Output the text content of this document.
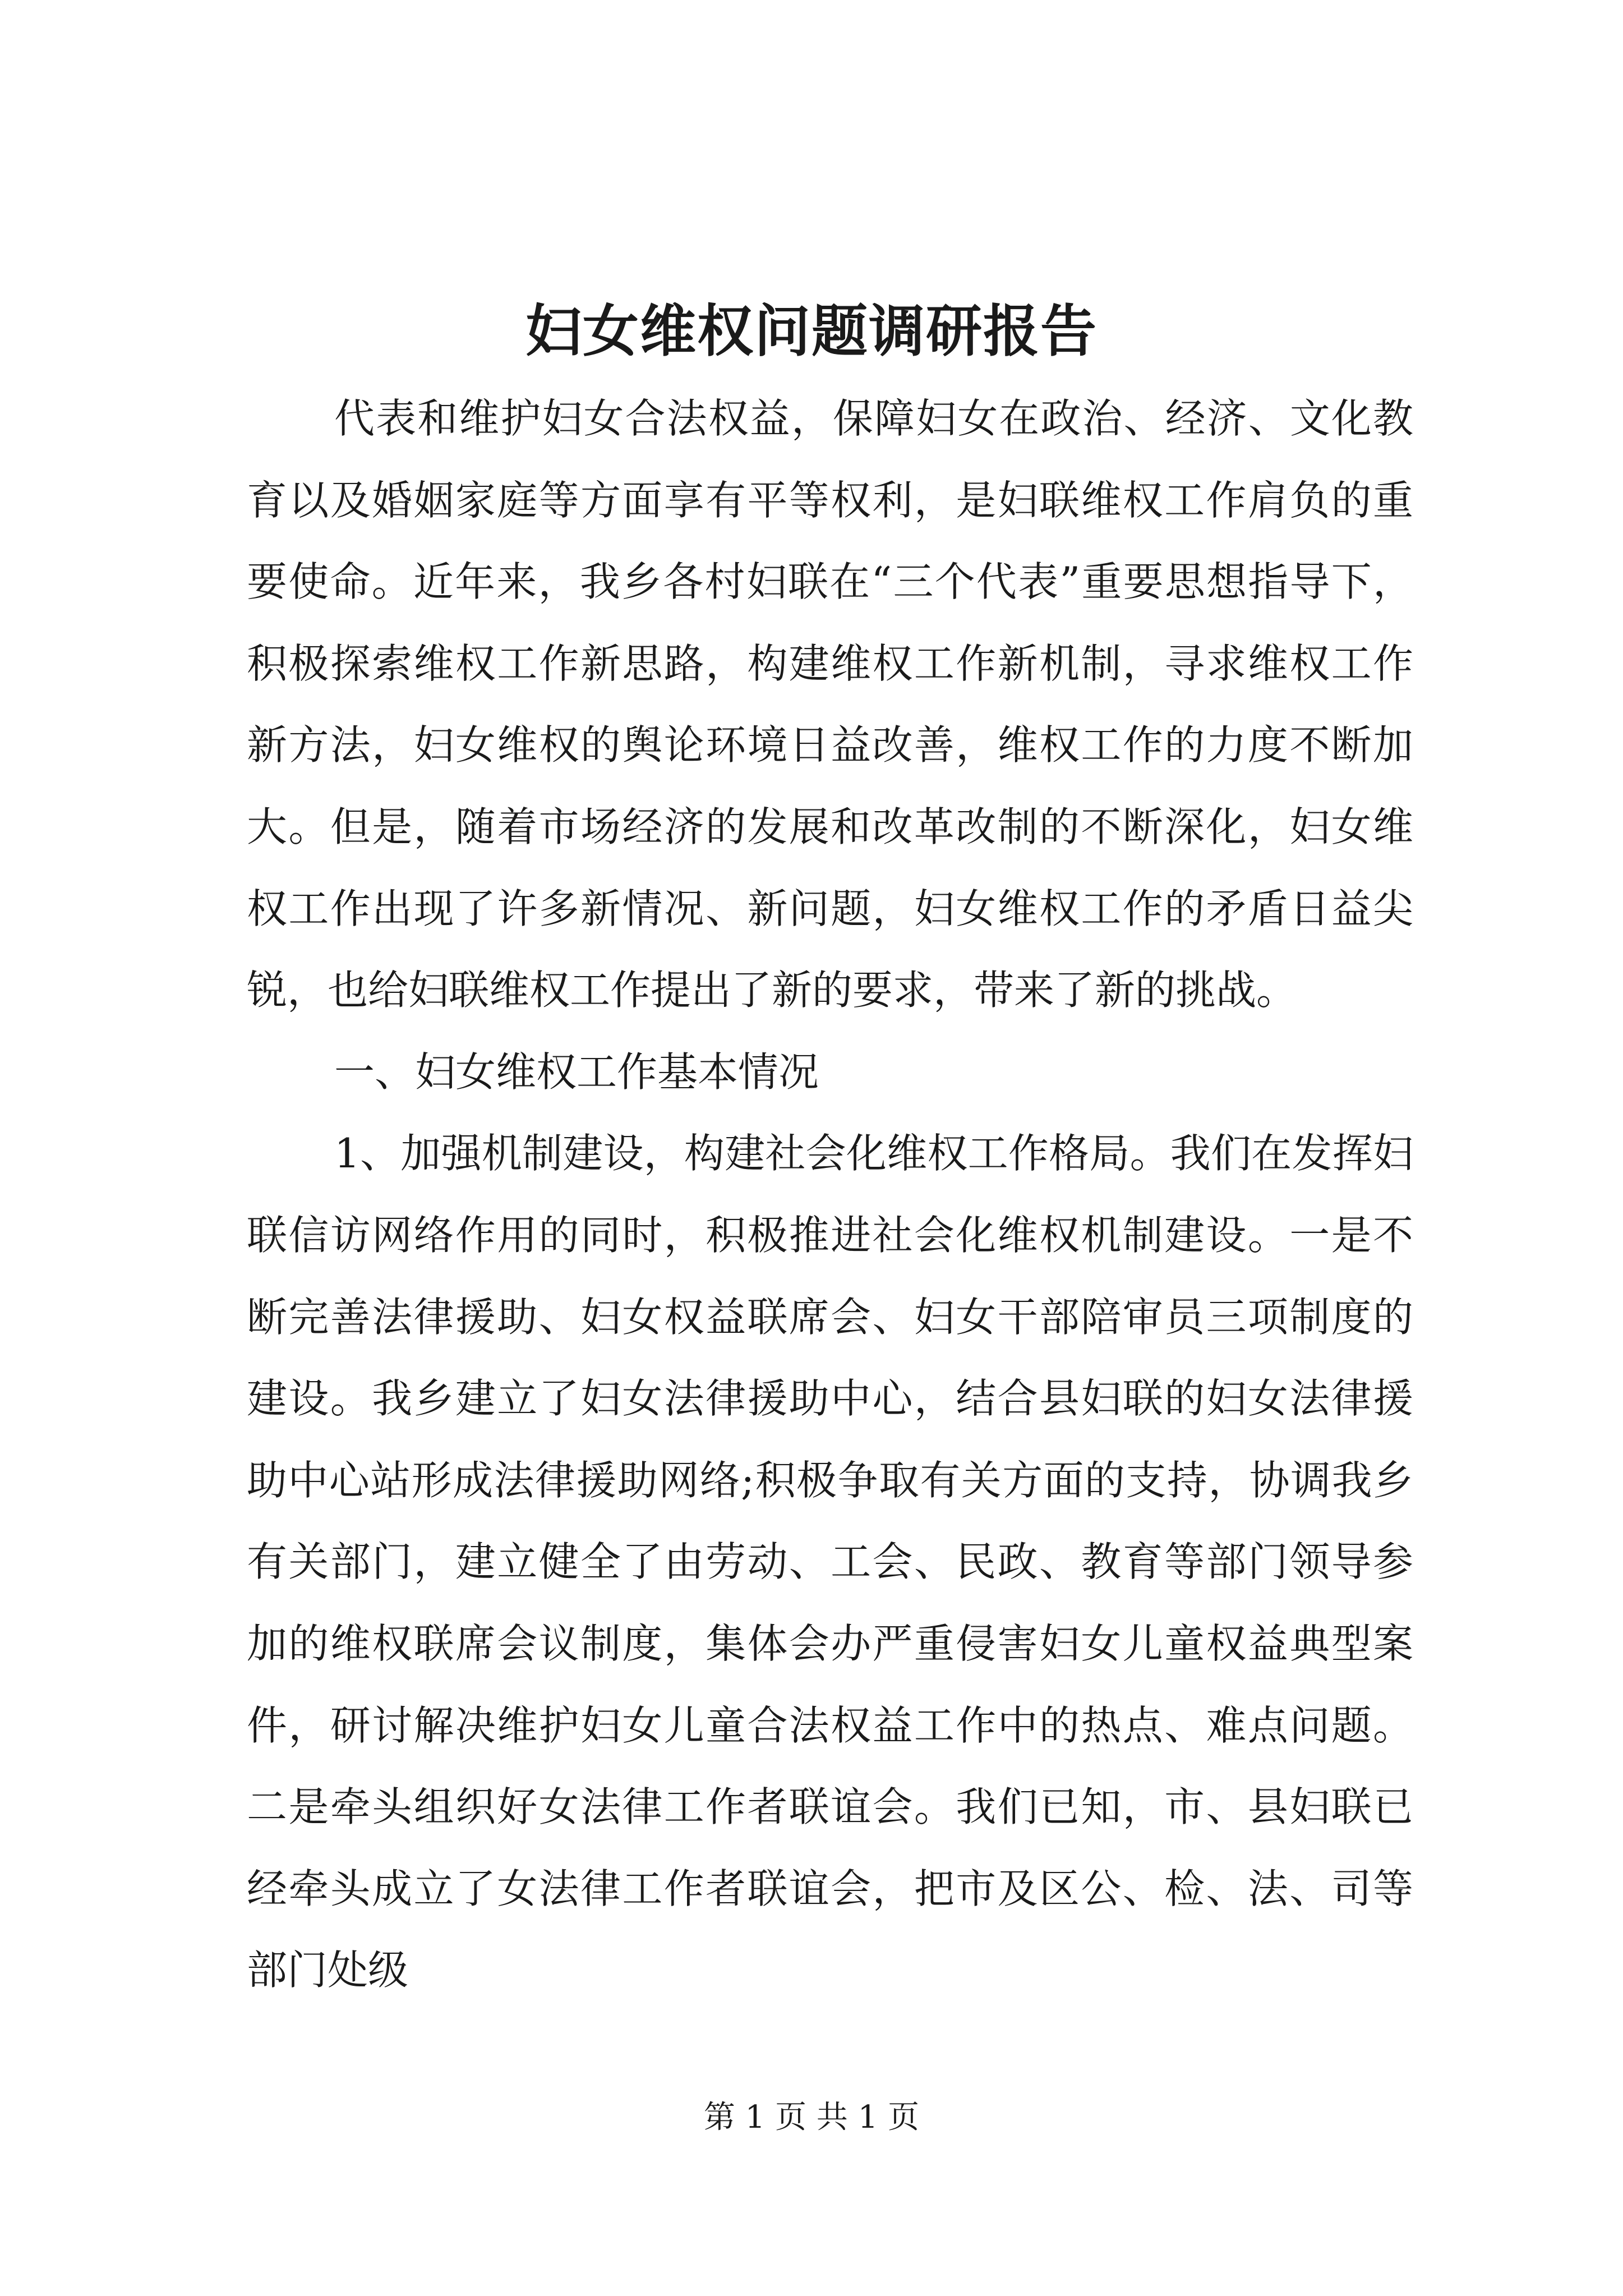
妇女维权问题调研报告

代表和维护妇女合法权益，保障妇女在政治、经济、文化教育以及婚姻家庭等方面享有平等权利，是妇联维权工作肩负的重要使命。近年来，我乡各村妇联在“三个代表”重要思想指导下，积极探索维权工作新思路，构建维权工作新机制，寻求维权工作新方法，妇女维权的舆论环境日益改善，维权工作的力度不断加大。但是，随着市场经济的发展和改革改制的不断深化，妇女维权工作出现了许多新情况、新问题，妇女维权工作的矛盾日益尖锐，也给妇联维权工作提出了新的要求，带来了新的挑战。

一、妇女维权工作基本情况

1、加强机制建设，构建社会化维权工作格局。我们在发挥妇联信访网络作用的同时，积极推进社会化维权机制建设。一是不断完善法律援助、妇女权益联席会、妇女干部陪审员三项制度的建设。我乡建立了妇女法律援助中心，结合县妇联的妇女法律援助中心站形成法律援助网络;积极争取有关方面的支持，协调我乡有关部门，建立健全了由劳动、工会、民政、教育等部门领导参加的维权联席会议制度，集体会办严重侵害妇女儿童权益典型案件，研讨解决维护妇女儿童合法权益工作中的热点、难点问题。二是牵头组织好女法律工作者联谊会。我们已知，市、县妇联已经牵头成立了女法律工作者联谊会，把市及区公、检、法、司等部门处级

第 1 页 共 1 页
